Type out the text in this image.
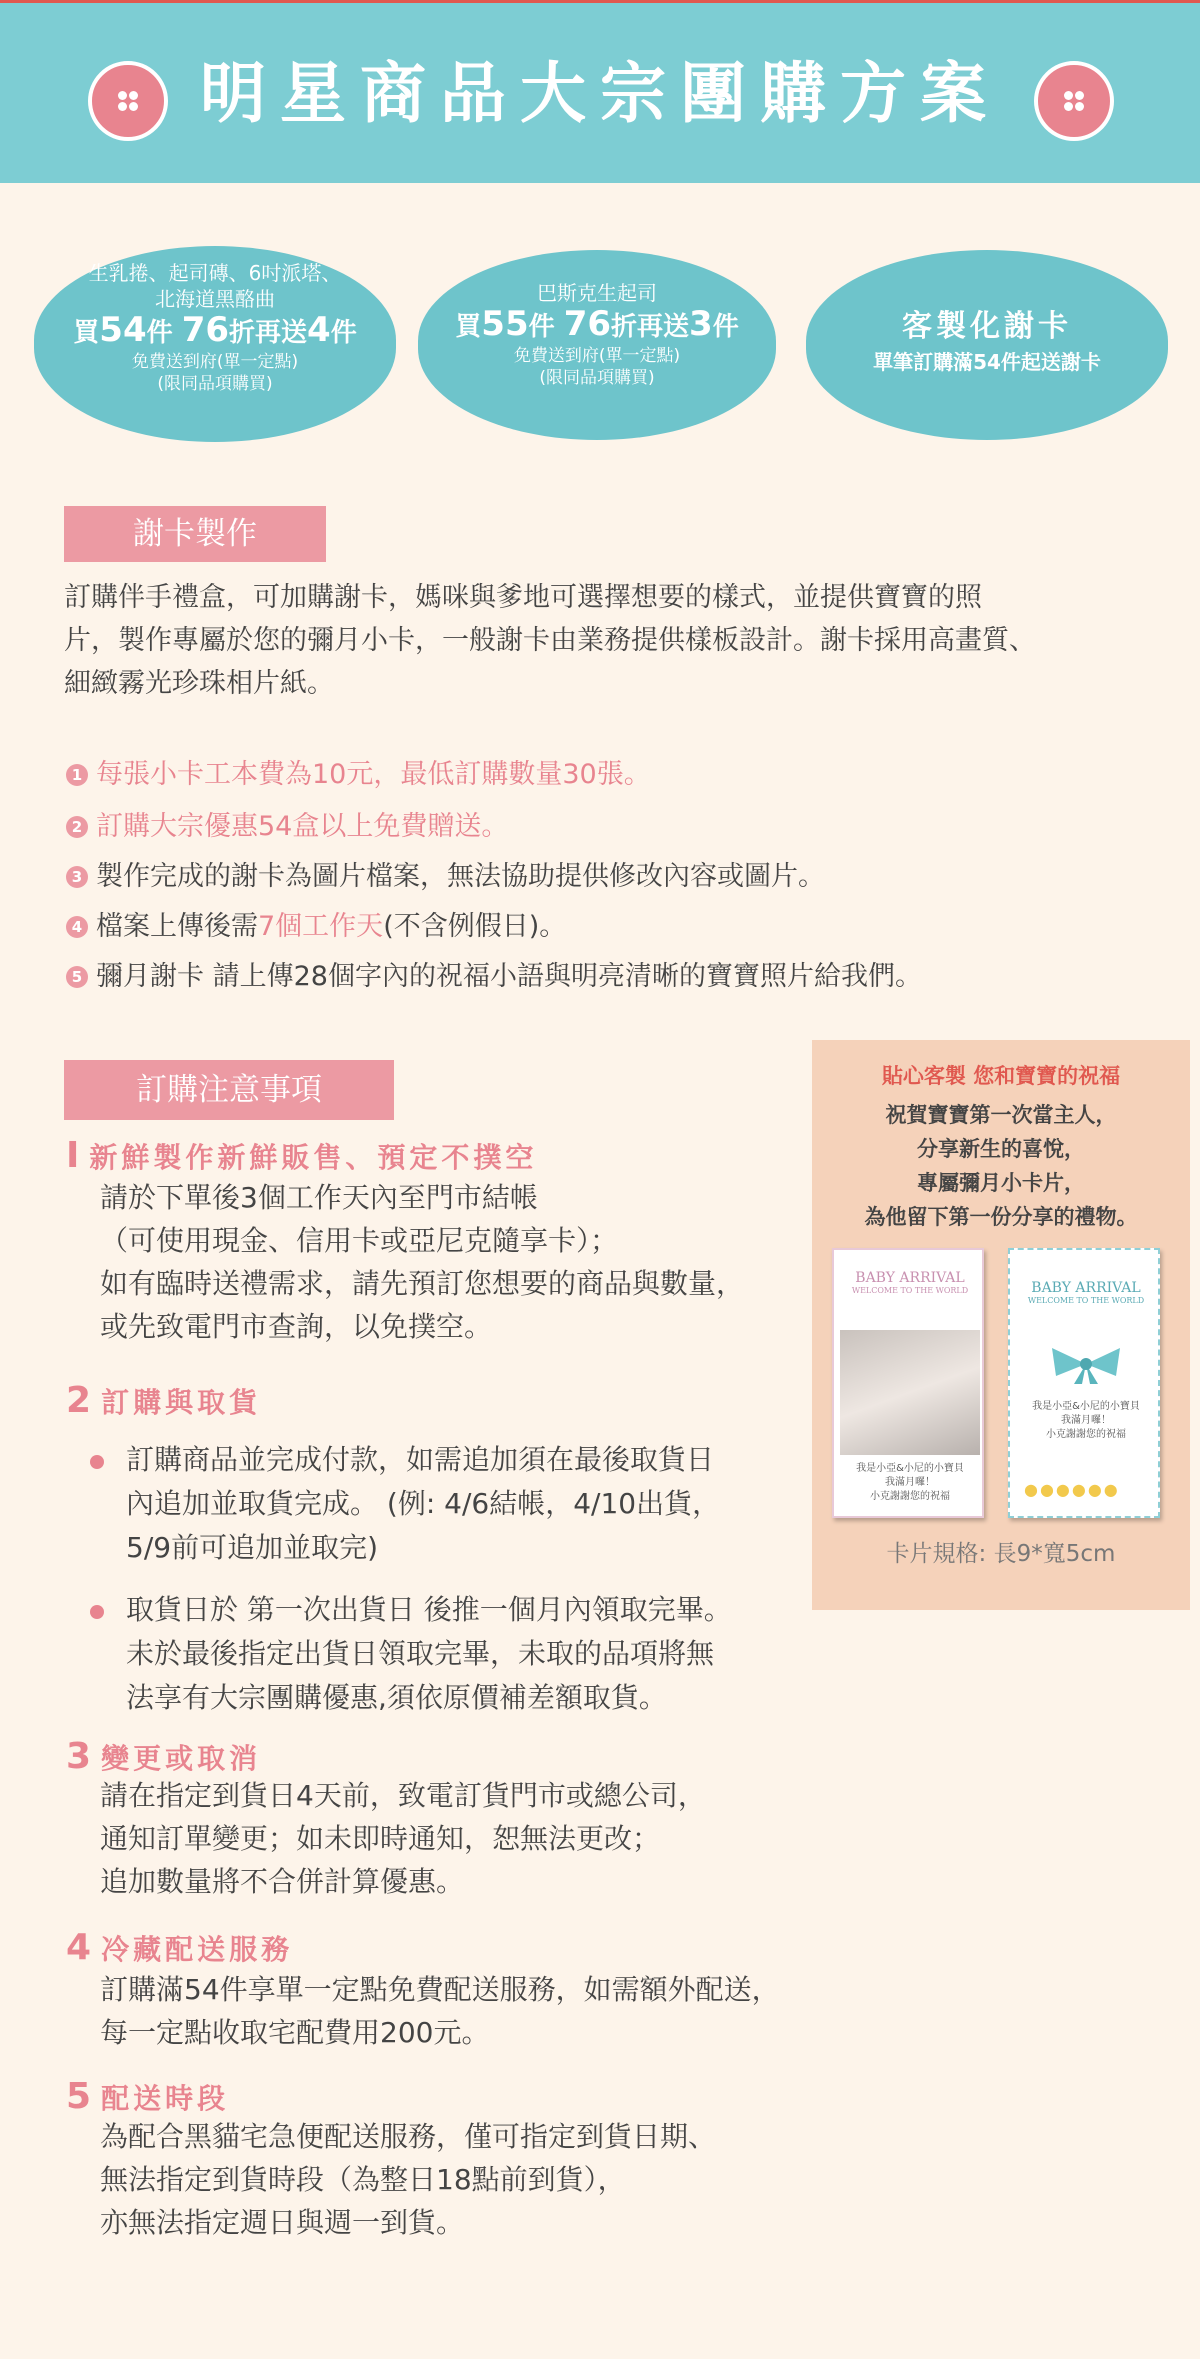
明星商品大宗團購方案
生乳捲、起司磚、6吋派塔、
北海道黑酪曲
買54件 76折再送4件
免費送到府(單一定點)
(限同品項購買)
巴斯克生起司
買55件 76折再送3件
免費送到府(單一定點)
(限同品項購買)
客製化謝卡
單筆訂購滿54件起送謝卡
謝卡製作
訂購伴手禮盒，可加購謝卡，媽咪與爹地可選擇想要的樣式，並提供寶寶的照
片，製作專屬於您的彌月小卡，一般謝卡由業務提供樣板設計。謝卡採用高畫質、
細緻霧光珍珠相片紙。
1 每張小卡工本費為10元，最低訂購數量30張。
2 訂購大宗優惠54盒以上免費贈送。
3 製作完成的謝卡為圖片檔案，無法協助提供修改內容或圖片。
4 檔案上傳後需7個工作天(不含例假日)。
5 彌月謝卡 請上傳28個字內的祝福小語與明亮清晰的寶寶照片給我們。
訂購注意事項
I 新鮮製作新鮮販售、預定不撲空
請於下單後3個工作天內至門市結帳
（可使用現金、信用卡或亞尼克隨享卡）；
如有臨時送禮需求，請先預訂您想要的商品與數量，
或先致電門市查詢，以免撲空。
2 訂購與取貨
訂購商品並完成付款，如需追加須在最後取貨日
內追加並取貨完成。 (例: 4/6結帳，4/10出貨，
5/9前可追加並取完)
取貨日於 第一次出貨日 後推一個月內領取完畢。
未於最後指定出貨日領取完畢，未取的品項將無
法享有大宗團購優惠,須依原價補差額取貨。
3 變更或取消
請在指定到貨日4天前，致電訂貨門市或總公司，
通知訂單變更；如未即時通知，恕無法更改；
追加數量將不合併計算優惠。
4 冷藏配送服務
訂購滿54件享單一定點免費配送服務，如需額外配送，
每一定點收取宅配費用200元。
5 配送時段
為配合黑貓宅急便配送服務，僅可指定到貨日期、
無法指定到貨時段（為整日18點前到貨），
亦無法指定週日與週一到貨。
貼心客製 您和寶寶的祝福
祝賀寶寶第一次當主人，
分享新生的喜悅，
專屬彌月小卡片，
為他留下第一份分享的禮物。
BABY ARRIVAL
WELCOME TO THE WORLD
我是小亞&小尼的小寶貝
我滿月囉！
小克謝謝您的祝福
BABY ARRIVAL
WELCOME TO THE WORLD
我是小亞&小尼的小寶貝
我滿月囉！
小克謝謝您的祝福
●●●●●●
卡片規格: 長9*寬5cm
